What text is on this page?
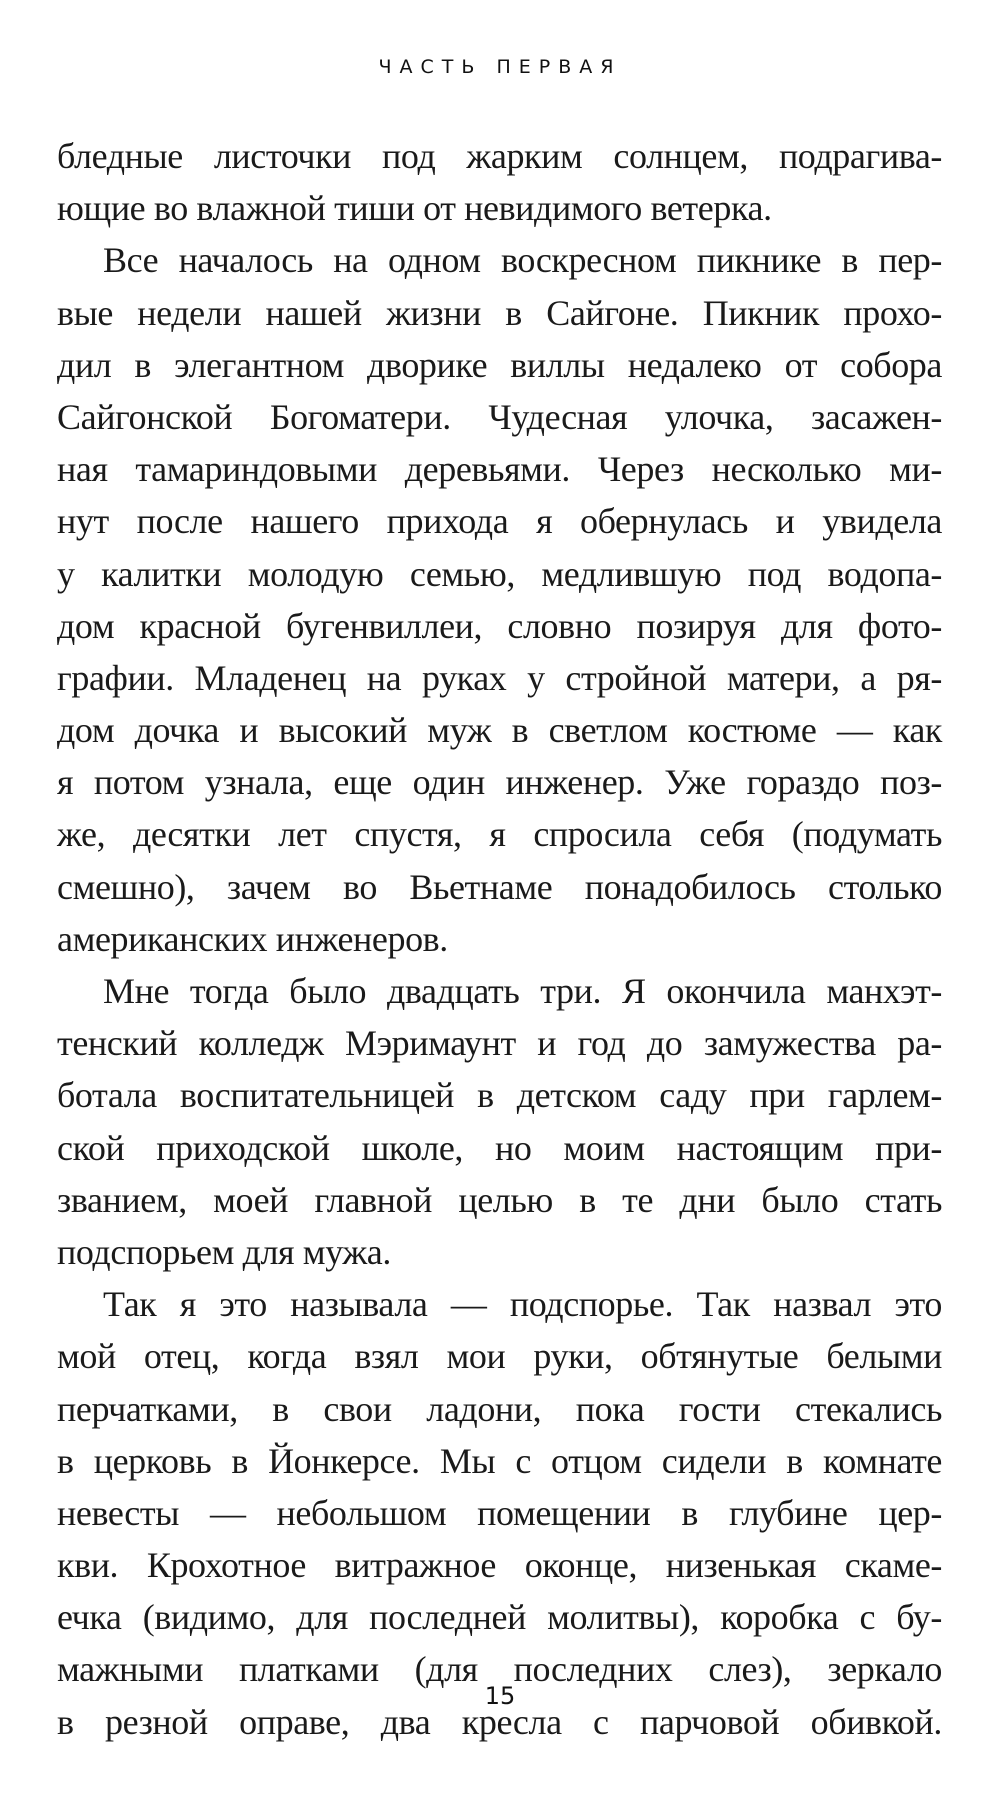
ЧАСТЬ ПЕРВАЯ
бледные листочки под жарким солнцем, подрагива-
ющие во влажной тиши от невидимого ветерка.
Все началось на одном воскресном пикнике в пер-
вые недели нашей жизни в Сайгоне. Пикник прохо-
дил в элегантном дворике виллы недалеко от собора
Сайгонской Богоматери. Чудесная улочка, засажен-
ная тамариндовыми деревьями. Через несколько ми-
нут после нашего прихода я обернулась и увидела
у калитки молодую семью, медлившую под водопа-
дом красной бугенвиллеи, словно позируя для фото-
графии. Младенец на руках у стройной матери, а ря-
дом дочка и высокий муж в светлом костюме — как
я потом узнала, еще один инженер. Уже гораздо поз-
же, десятки лет спустя, я спросила себя (подумать
смешно), зачем во Вьетнаме понадобилось столько
американских инженеров.
Мне тогда было двадцать три. Я окончила манхэт-
тенский колледж Мэримаунт и год до замужества ра-
ботала воспитательницей в детском саду при гарлем-
ской приходской школе, но моим настоящим при-
званием, моей главной целью в те дни было стать
подспорьем для мужа.
Так я это называла — подспорье. Так назвал это
мой отец, когда взял мои руки, обтянутые белыми
перчатками, в свои ладони, пока гости стекались
в церковь в Йонкерсе. Мы с отцом сидели в комнате
невесты — небольшом помещении в глубине цер-
кви. Крохотное витражное оконце, низенькая скаме-
ечка (видимо, для последней молитвы), коробка с бу-
мажными платками (для последних слез), зеркало
в резной оправе, два кресла с парчовой обивкой.
15
